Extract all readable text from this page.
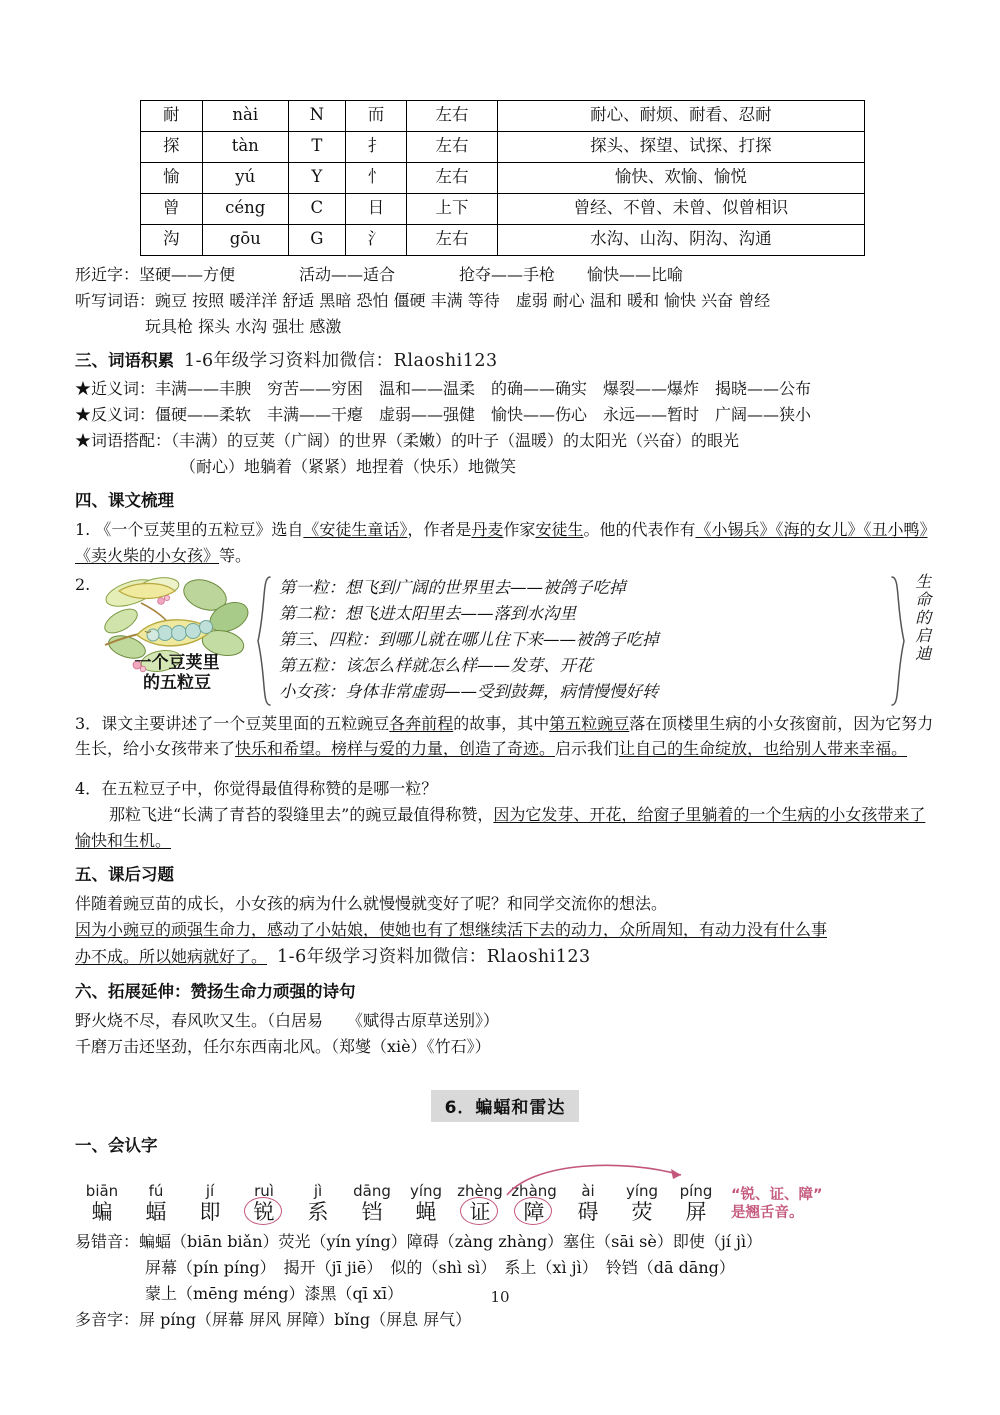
耐	nài	N	而	左右	耐心、耐烦、耐看、忍耐
探	tàn	T	扌	左右	探头、探望、试探、打探
愉	yú	Y	忄	左右	愉快、欢愉、愉悦
曾	céng	C	日	上下	曾经、不曾、未曾、似曾相识
沟	gōu	G	氵	左右	水沟、山沟、阴沟、沟通
形近字：坚硬——方便　　　　活动——适合　　　　抢夺——手枪　　愉快——比喻
听写词语：豌豆 按照 暖洋洋 舒适 黑暗 恐怕 僵硬 丰满 等待　虚弱 耐心 温和 暖和 愉快 兴奋 曾经
玩具枪 探头 水沟 强壮 感激
三、词语积累 1-6年级学习资料加微信：Rlaoshi123
★近义词：丰满——丰腴　穷苦——穷困　温和——温柔　的确——确实　爆裂——爆炸　揭晓——公布
★反义词：僵硬——柔软　丰满——干瘪　虚弱——强健　愉快——伤心　永远——暂时　广阔——狭小
★词语搭配：（丰满）的豆荚（广阔）的世界（柔嫩）的叶子（温暖）的太阳光（兴奋）的眼光
（耐心）地躺着（紧紧）地捏着（快乐）地微笑
四、课文梳理
1. 《一个豆荚里的五粒豆》选自《安徒生童话》，作者是丹麦作家安徒生。他的代表作有《小锡兵》《海的女儿》《丑小鸭》《卖火柴的小女孩》等。
2.
一个豆荚里
的五粒豆
第一粒：想飞到广阔的世界里去——被鸽子吃掉
第二粒：想飞进太阳里去——落到水沟里
第三、四粒：到哪儿就在哪儿住下来——被鸽子吃掉
第五粒：该怎么样就怎么样——发芽、开花
小女孩：身体非常虚弱——受到鼓舞，病情慢慢好转
生命的启迪
3．课文主要讲述了一个豆荚里面的五粒豌豆各奔前程的故事，其中第五粒豌豆落在顶楼里生病的小女孩窗前，因为它努力生长，给小女孩带来了快乐和希望。榜样与爱的力量，创造了奇迹。启示我们让自己的生命绽放，也给别人带来幸福。
4．在五粒豆子中，你觉得最值得称赞的是哪一粒？
那粒飞进“长满了青苔的裂缝里去”的豌豆最值得称赞，因为它发芽、开花，给窗子里躺着的一个生病的小女孩带来了愉快和生机。
五、课后习题
伴随着豌豆苗的成长，小女孩的病为什么就慢慢就变好了呢？和同学交流你的想法。
因为小豌豆的顽强生命力，感动了小姑娘，使她也有了想继续活下去的动力，众所周知，有动力没有什么事
办不成。所以她病就好了。 1-6年级学习资料加微信：Rlaoshi123
六、拓展延伸：赞扬生命力顽强的诗句
野火烧不尽，春风吹又生。（白居易　　《赋得古原草送别》）
千磨万击还坚劲，任尔东西南北风。（郑燮（xiè）《竹石》）
6．蝙蝠和雷达
一、会认字
biān
蝙
fú
蝠
jí
即
ruì
锐
jì
系
dāng
铛
yíng
蝇
zhèng
证
zhàng
障
ài
碍
yíng
荧
píng
屏
“锐、证、障”
是翘舌音。
易错音：蝙蝠（biān biǎn）荧光（yín yíng）障碍（zàng zhàng）塞住（sāi sè）即使（jí jì）
屏幕（pín píng）　揭开（jī jiē）　似的（shì sì）　系上（xì jì）　铃铛（dā dāng）
蒙上（mēng méng）漆黑（qī xī）
多音字：屏 píng（屏幕 屏风 屏障）bǐng（屏息 屏气）
10
